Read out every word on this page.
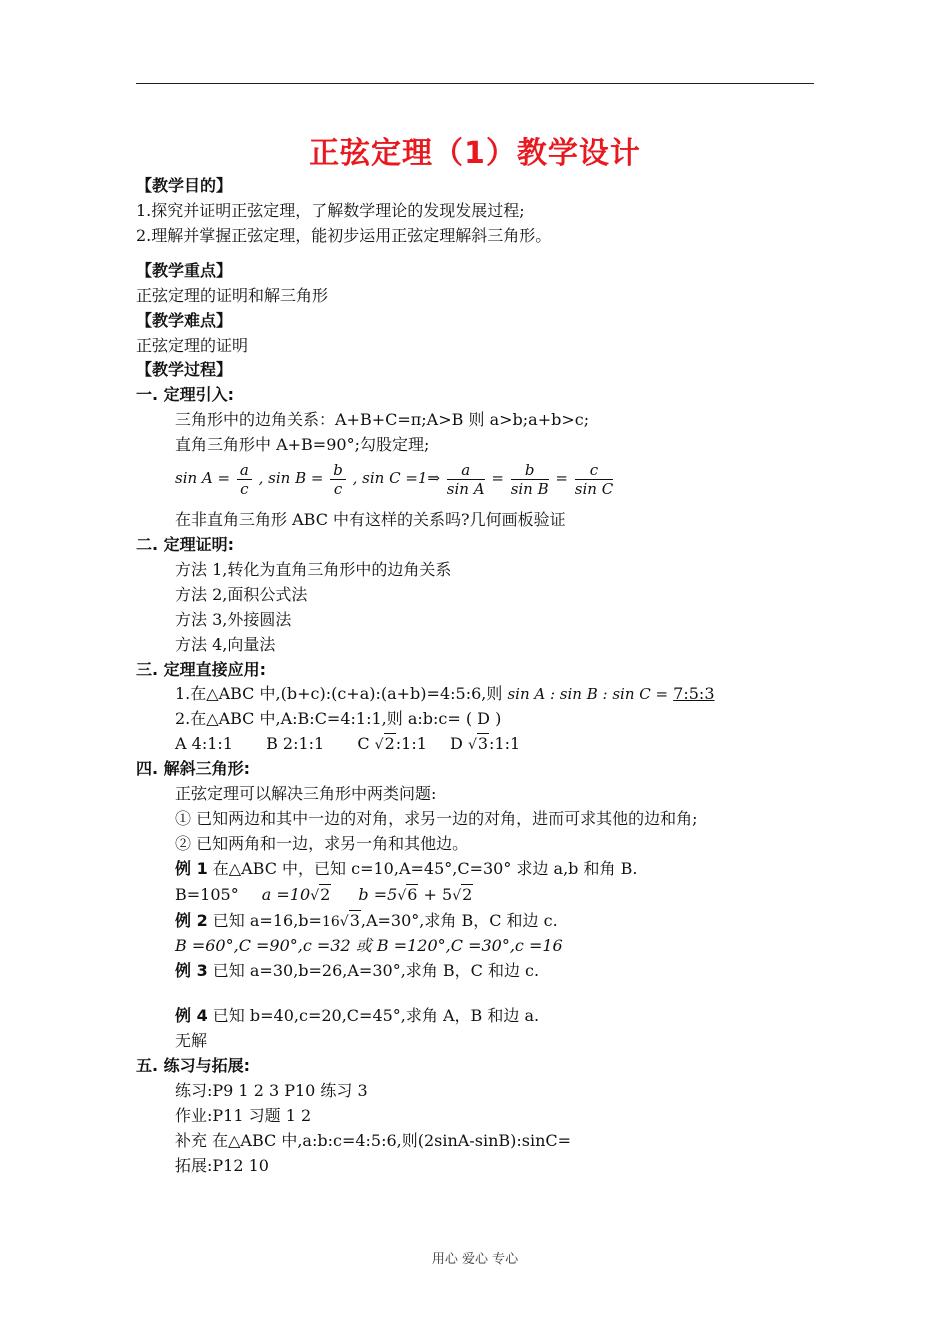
正弦定理（1）教学设计
【教学目的】
1.探究并证明正弦定理，了解数学理论的发现发展过程;
2.理解并掌握正弦定理，能初步运用正弦定理解斜三角形。
【教学重点】
正弦定理的证明和解三角形
【教学难点】
正弦定理的证明
【教学过程】
一. 定理引入:
三角形中的边角关系：A+B+C=π;A>B 则 a>b;a+b>c;
直角三角形中 A+B=90°;勾股定理;
$\sin A = \frac{a}{c}$ , $\sin B = \frac{b}{c}$ , sin C =1⇒ $\frac{a}{\text{sin A}} = \frac{b}{\text{sin B}} = \frac{c}{\text{sin C}}$
在非直角三角形 ABC 中有这样的关系吗?几何画板验证
二. 定理证明:
方法 1,转化为直角三角形中的边角关系
方法 2,面积公式法
方法 3,外接圆法
方法 4,向量法
三. 定理直接应用:
1.在△ABC 中,(b+c):(c+a):(a+b)=4:5:6,则 sin A : sin B : sin C = 7:5:3
2.在△ABC 中,A:B:C=4:1:1,则 a:b:c= ( D )
A 4:1:1 B 2:1:1 C √2:1:1 D √3:1:1
四. 解斜三角形:
正弦定理可以解决三角形中两类问题:
① 已知两边和其中一边的对角，求另一边的对角，进而可求其他的边和角;
② 已知两角和一边，求另一角和其他边。
例 1 在△ABC 中，已知 c=10,A=45°,C=30° 求边 a,b 和角 B.
B=105° a =10√2 b =5√6 + 5√2
例 2 已知 a=16,b=16√3,A=30°,求角 B，C 和边 c.
B =60°,C =90°,c =32 或 B =120°,C =30°,c =16
例 3 已知 a=30,b=26,A=30°,求角 B，C 和边 c.
例 4 已知 b=40,c=20,C=45°,求角 A，B 和边 a.
无解
五. 练习与拓展:
练习:P9 1 2 3 P10 练习 3
作业:P11 习题 1 2
补充 在△ABC 中,a:b:c=4:5:6,则(2sinA-sinB):sinC=
拓展:P12 10
用心 爱心 专心
